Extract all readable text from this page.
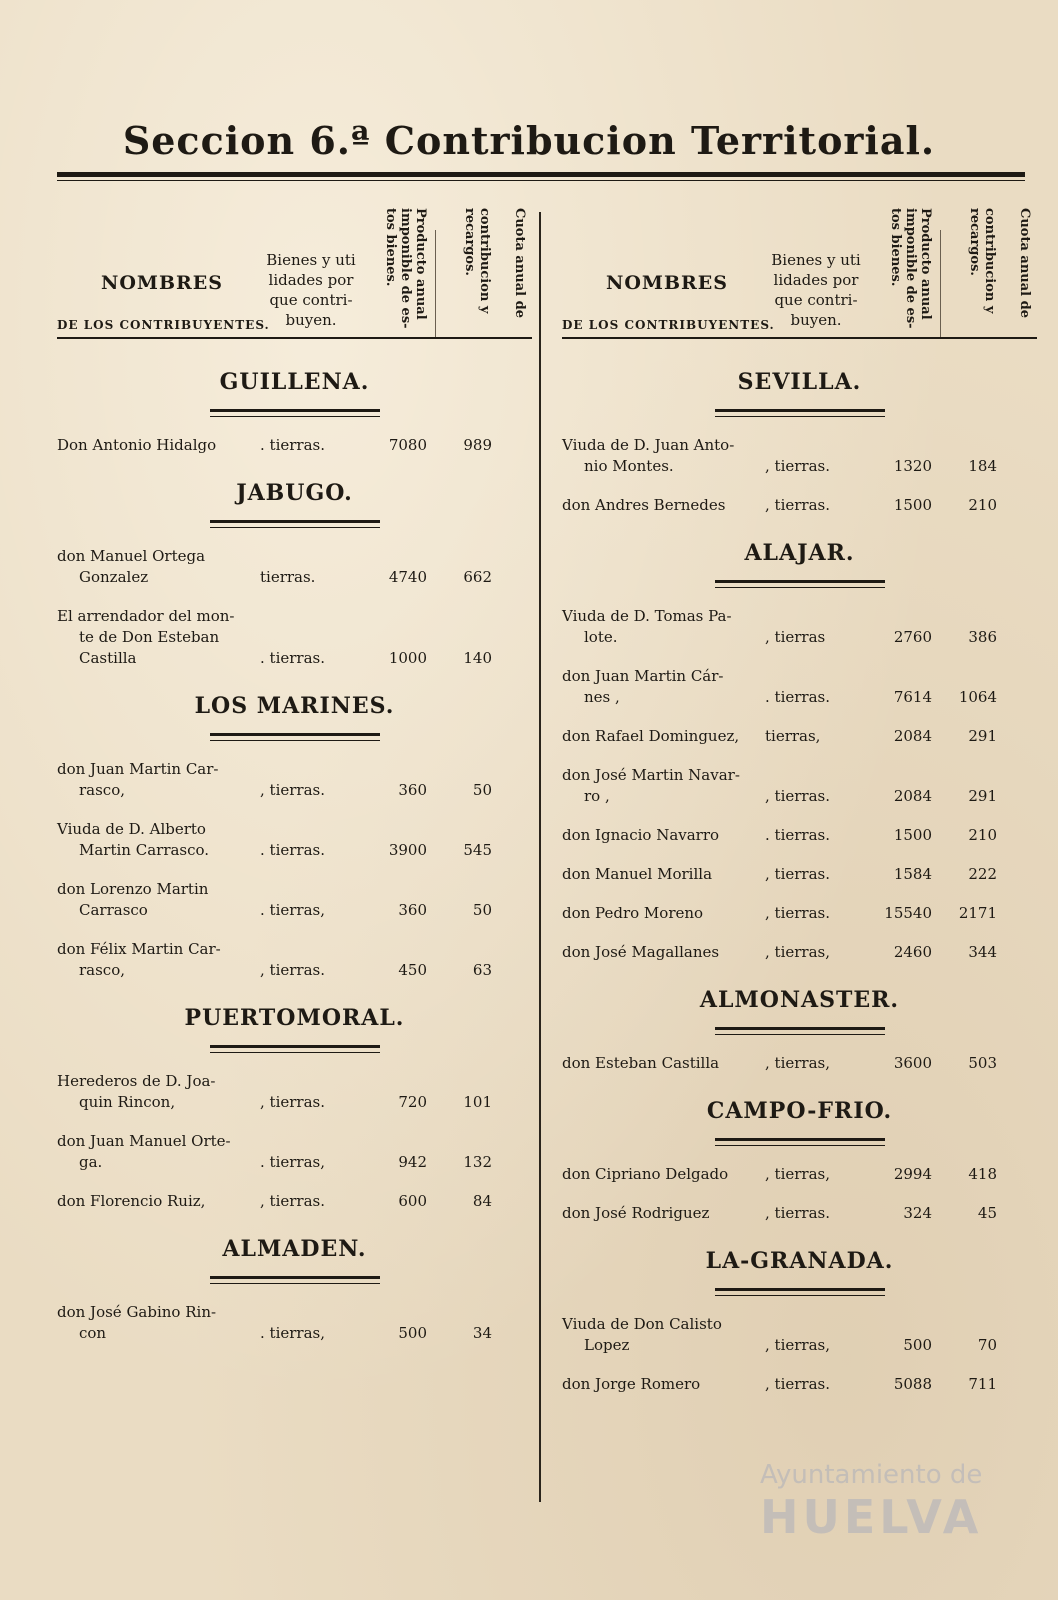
Seccion 6.ª Contribucion Territorial.
NOMBRES
DE LOS CONTRIBUYENTES.
Bienes y uti lidades por que contri- buyen.
Producto anual imponible de es- tos bienes.	contribucion y recargos.	Cuota anual de
GUILLENA.
Don Antonio Hidalgo	. tierras.	7080	989
JABUGO.
don Manuel Ortega
Gonzalez	tierras.	4740	662
El arrendador del mon-
te de Don Esteban
Castilla	. tierras.	1000	140
LOS MARINES.
don Juan Martin Car-
rasco,	, tierras.	360	50
Viuda de D. Alberto
Martin Carrasco.	. tierras.	3900	545
don Lorenzo Martin
Carrasco	. tierras,	360	50
don Félix Martin Car-
rasco,	, tierras.	450	63
PUERTOMORAL.
Herederos de D. Joa-
quin Rincon,	, tierras.	720	101
don Juan Manuel Orte-
ga.	. tierras,	942	132
don Florencio Ruiz,	, tierras.	600	84
ALMADEN.
don José Gabino Rin-
con	. tierras,	500	34
NOMBRES
DE LOS CONTRIBUYENTES.
Bienes y uti lidades por que contri- buyen.
Producto anual imponible de es- tos bienes.	contribucion y recargos.	Cuota anual de
SEVILLA.
Viuda de D. Juan Anto-
nio Montes.	, tierras.	1320	184
don Andres Bernedes	, tierras.	1500	210
ALAJAR.
Viuda de D. Tomas Pa-
lote.	, tierras	2760	386
don Juan Martin Cár-
nes ,	. tierras.	7614 1064
don Rafael Dominguez,	tierras,	2084	291
don José Martin Navar-
ro ,	, tierras.	2084	291
don Ignacio Navarro	. tierras.	1500	210
don Manuel Morilla	, tierras.	1584	222
don Pedro Moreno	, tierras.	15540 2171
don José Magallanes	, tierras,	2460	344
ALMONASTER.
don Esteban Castilla	, tierras,	3600	503
CAMPO-FRIO.
don Cipriano Delgado	, tierras,	2994	418
don José Rodriguez	, tierras.	324	45
LA-GRANADA.
Viuda de Don Calisto
Lopez	, tierras,	500	70
don Jorge Romero	, tierras.	5088	711
Ayuntamiento de
HUELVA
